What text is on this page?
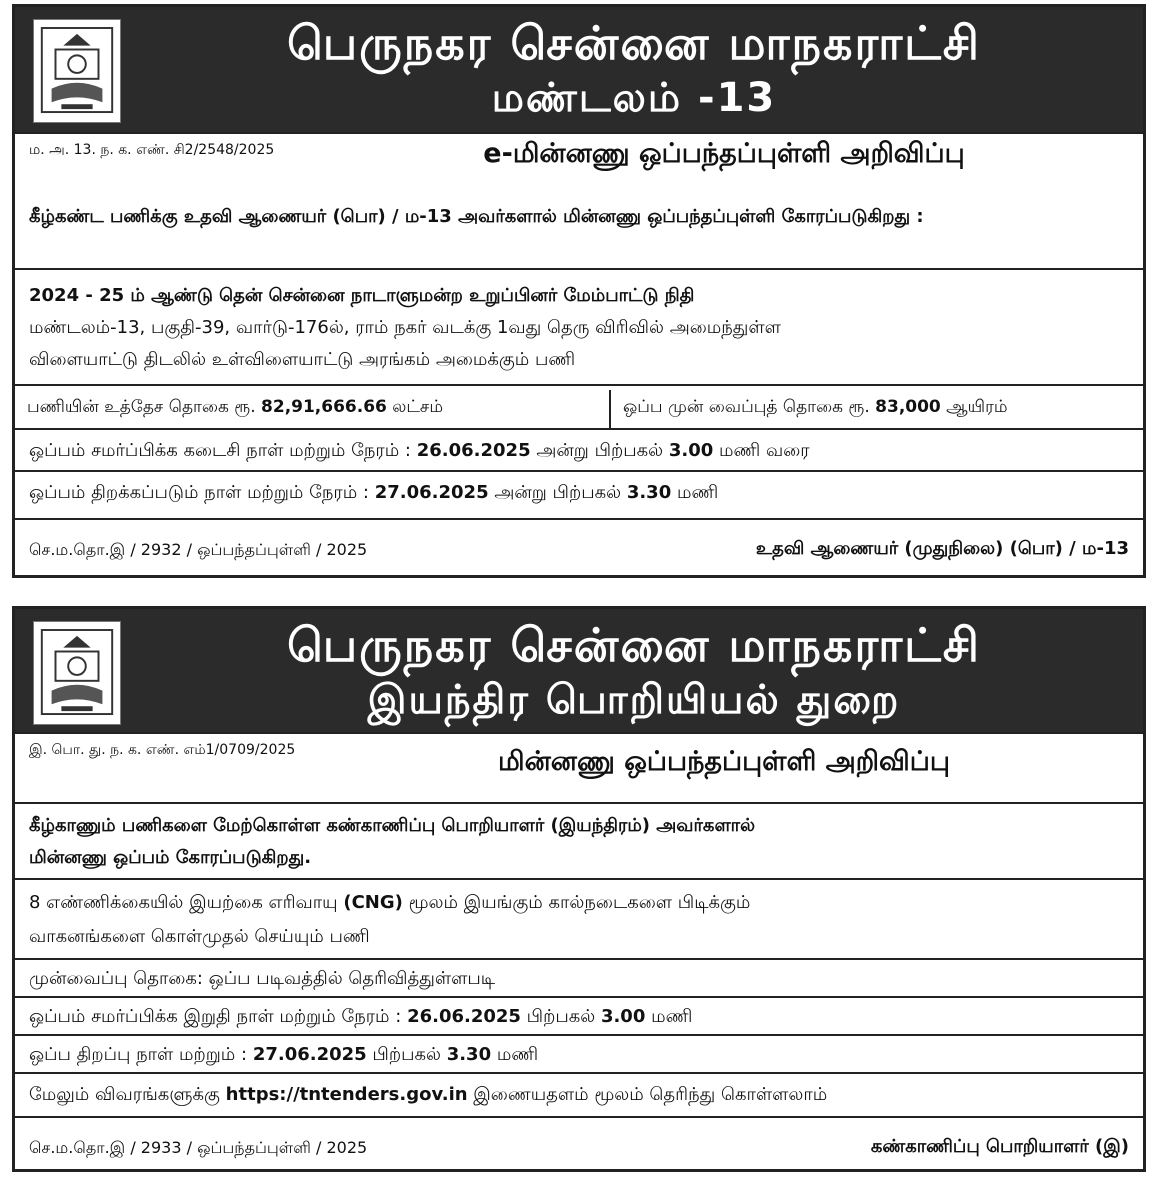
பெருநகர சென்னை மாநகராட்சி
மண்டலம் -13
ம. அ. 13. ந. க. எண். சி2/2548/2025	e-மின்னணு ஒப்பந்தப்புள்ளி அறிவிப்பு
கீழ்கண்ட பணிக்கு உதவி ஆணையர் (பொ) / ம-13 அவர்களால் மின்னணு ஒப்பந்தப்புள்ளி கோரப்படுகிறது :
2024 - 25 ம் ஆண்டு தென் சென்னை நாடாளுமன்ற உறுப்பினர் மேம்பாட்டு நிதி
மண்டலம்-13, பகுதி-39, வார்டு-176ல், ராம் நகர் வடக்கு 1வது தெரு விரிவில் அமைந்துள்ள
விளையாட்டு திடலில் உள்விளையாட்டு அரங்கம் அமைக்கும் பணி
பணியின் உத்தேச தொகை ரூ. 82,91,666.66 லட்சம்	ஒப்ப முன் வைப்புத் தொகை ரூ. 83,000 ஆயிரம்
ஒப்பம் சமர்ப்பிக்க கடைசி நாள் மற்றும் நேரம் : 26.06.2025 அன்று பிற்பகல் 3.00 மணி வரை
ஒப்பம் திறக்கப்படும் நாள் மற்றும் நேரம் : 27.06.2025 அன்று பிற்பகல் 3.30 மணி
செ.ம.தொ.இ / 2932 / ஒப்பந்தப்புள்ளி / 2025	உதவி ஆணையர் (முதுநிலை) (பொ) / ம-13
பெருநகர சென்னை மாநகராட்சி
இயந்திர பொறியியல் துறை
இ. பொ. து. ந. க. எண். எம்1/0709/2025	மின்னணு ஒப்பந்தப்புள்ளி அறிவிப்பு
கீழ்காணும் பணிகளை மேற்கொள்ள கண்காணிப்பு பொறியாளர் (இயந்திரம்) அவர்களால்
மின்னணு ஒப்பம் கோரப்படுகிறது.
8 எண்ணிக்கையில் இயற்கை எரிவாயு (CNG) மூலம் இயங்கும் கால்நடைகளை பிடிக்கும்
வாகனங்களை கொள்முதல் செய்யும் பணி
முன்வைப்பு தொகை: ஒப்ப படிவத்தில் தெரிவித்துள்ளபடி
ஒப்பம் சமர்ப்பிக்க இறுதி நாள் மற்றும் நேரம் : 26.06.2025 பிற்பகல் 3.00 மணி
ஒப்ப திறப்பு நாள் மற்றும் : 27.06.2025 பிற்பகல் 3.30 மணி
மேலும் விவரங்களுக்கு https://tntenders.gov.in இணையதளம் மூலம் தெரிந்து கொள்ளலாம்
செ.ம.தொ.இ / 2933 / ஒப்பந்தப்புள்ளி / 2025	கண்காணிப்பு பொறியாளர் (இ)
